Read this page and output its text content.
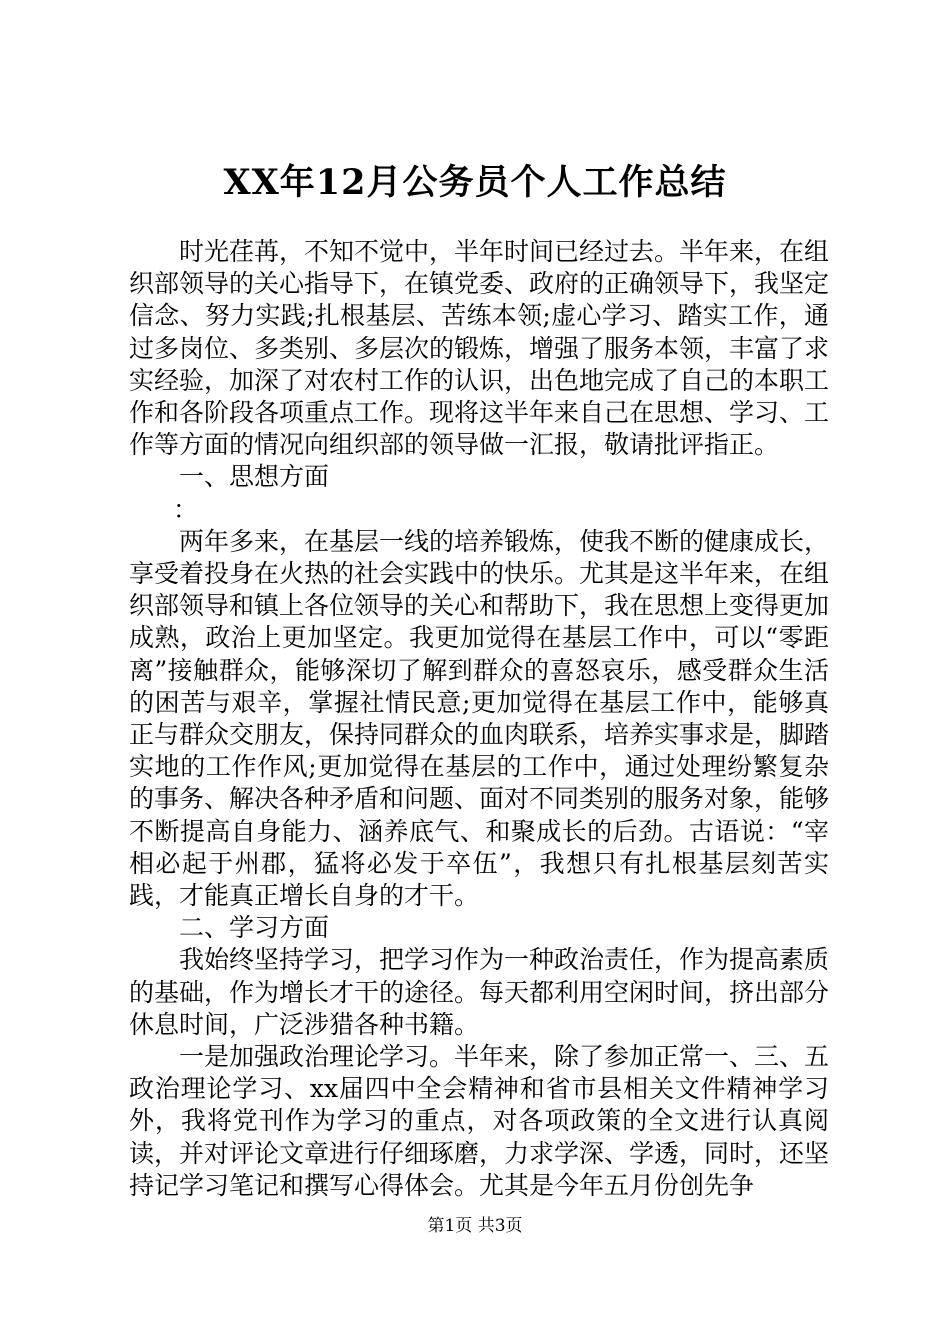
XX年12月公务员个人工作总结

时光荏苒，不知不觉中，半年时间已经过去。半年来，在组织部领导的关心指导下，在镇党委、政府的正确领导下，我坚定信念、努力实践;扎根基层、苦练本领;虚心学习、踏实工作，通过多岗位、多类别、多层次的锻炼，增强了服务本领，丰富了求实经验，加深了对农村工作的认识，出色地完成了自己的本职工作和各阶段各项重点工作。现将这半年来自己在思想、学习、工作等方面的情况向组织部的领导做一汇报，敬请批评指正。

一、思想方面

：

两年多来，在基层一线的培养锻炼，使我不断的健康成长，享受着投身在火热的社会实践中的快乐。尤其是这半年来，在组织部领导和镇上各位领导的关心和帮助下，我在思想上变得更加成熟，政治上更加坚定。我更加觉得在基层工作中，可以“零距离”接触群众，能够深切了解到群众的喜怒哀乐，感受群众生活的困苦与艰辛，掌握社情民意;更加觉得在基层工作中，能够真正与群众交朋友，保持同群众的血肉联系，培养实事求是，脚踏实地的工作作风;更加觉得在基层的工作中，通过处理纷繁复杂的事务、解决各种矛盾和问题、面对不同类别的服务对象，能够不断提高自身能力、涵养底气、和聚成长的后劲。古语说：“宰相必起于州郡，猛将必发于卒伍”，我想只有扎根基层刻苦实践，才能真正增长自身的才干。

二、学习方面

我始终坚持学习，把学习作为一种政治责任，作为提高素质的基础，作为增长才干的途径。每天都利用空闲时间，挤出部分休息时间，广泛涉猎各种书籍。

一是加强政治理论学习。半年来，除了参加正常一、三、五政治理论学习、xx届四中全会精神和省市县相关文件精神学习外，我将党刊作为学习的重点，对各项政策的全文进行认真阅读，并对评论文章进行仔细琢磨，力求学深、学透，同时，还坚持记学习笔记和撰写心得体会。尤其是今年五月份创先争

第1页 共3页
